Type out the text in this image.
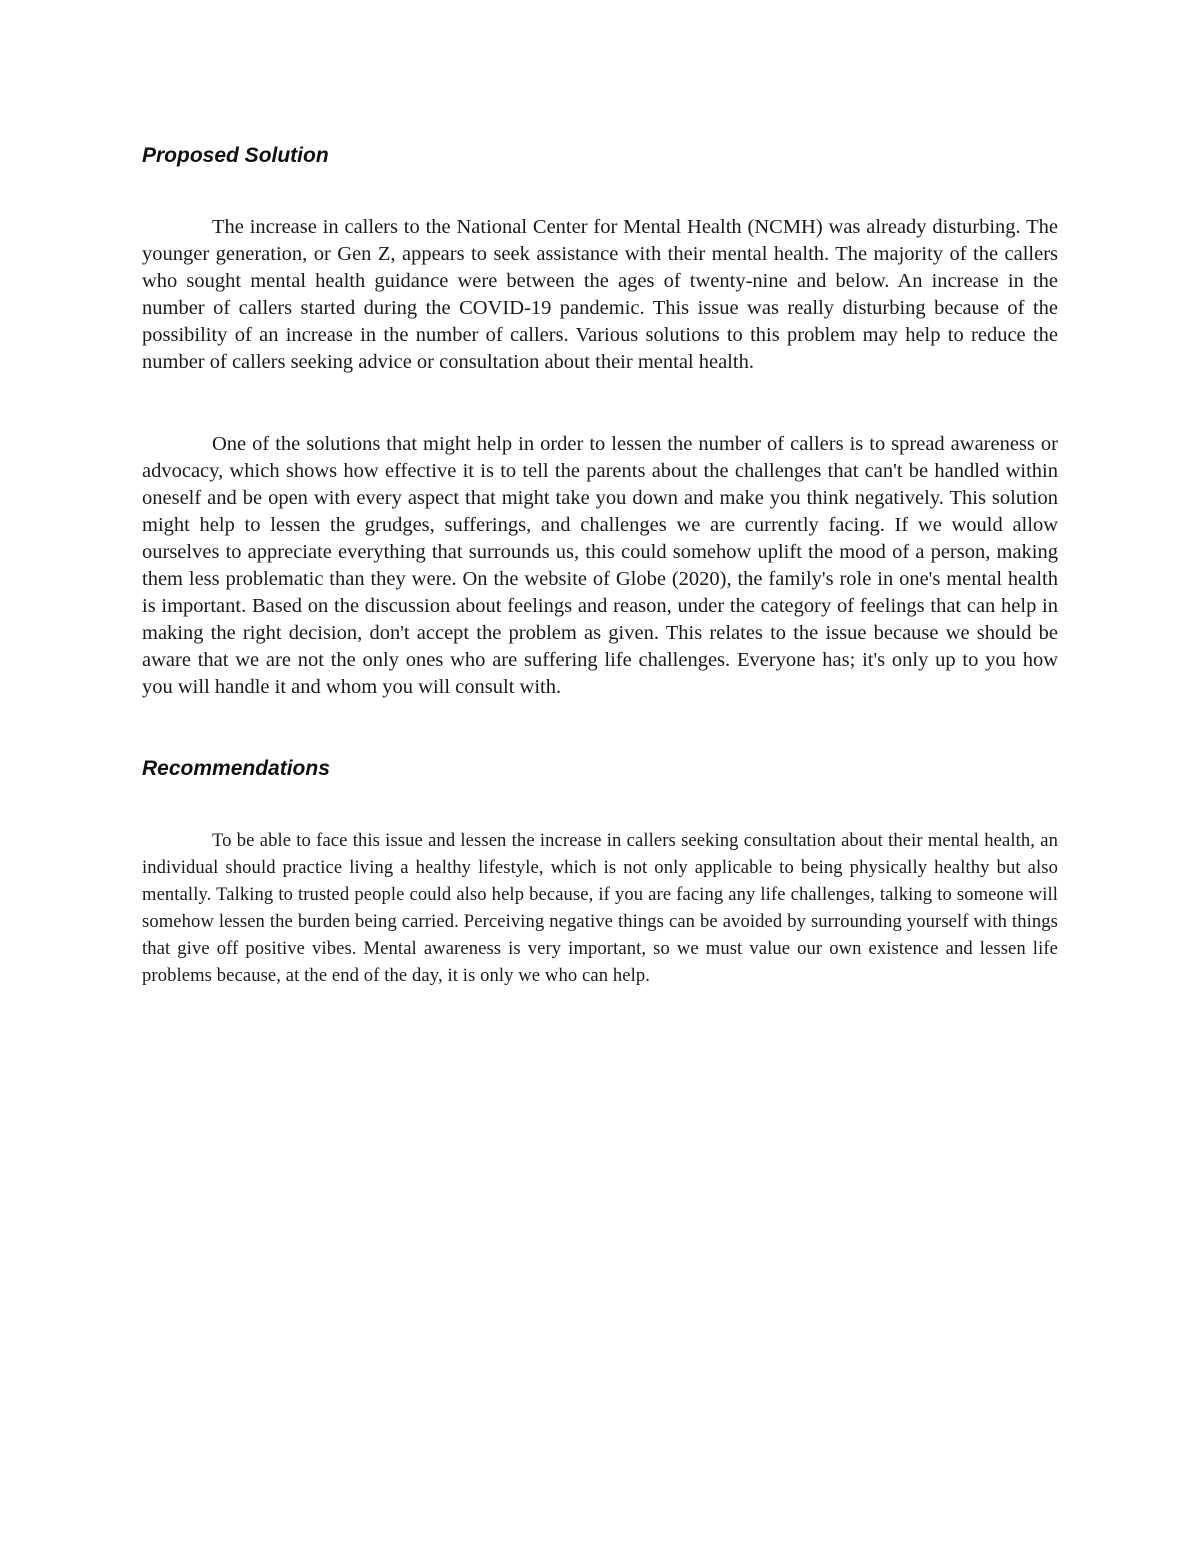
Proposed Solution

The increase in callers to the National Center for Mental Health (NCMH) was already disturbing. The younger generation, or Gen Z, appears to seek assistance with their mental health. The majority of the callers who sought mental health guidance were between the ages of twenty-nine and below. An increase in the number of callers started during the COVID-19 pandemic. This issue was really disturbing because of the possibility of an increase in the number of callers. Various solutions to this problem may help to reduce the number of callers seeking advice or consultation about their mental health.

One of the solutions that might help in order to lessen the number of callers is to spread awareness or advocacy, which shows how effective it is to tell the parents about the challenges that can't be handled within oneself and be open with every aspect that might take you down and make you think negatively. This solution might help to lessen the grudges, sufferings, and challenges we are currently facing. If we would allow ourselves to appreciate everything that surrounds us, this could somehow uplift the mood of a person, making them less problematic than they were. On the website of Globe (2020), the family's role in one's mental health is important. Based on the discussion about feelings and reason, under the category of feelings that can help in making the right decision, don't accept the problem as given. This relates to the issue because we should be aware that we are not the only ones who are suffering life challenges. Everyone has; it's only up to you how you will handle it and whom you will consult with.

Recommendations

To be able to face this issue and lessen the increase in callers seeking consultation about their mental health, an individual should practice living a healthy lifestyle, which is not only applicable to being physically healthy but also mentally. Talking to trusted people could also help because, if you are facing any life challenges, talking to someone will somehow lessen the burden being carried. Perceiving negative things can be avoided by surrounding yourself with things that give off positive vibes. Mental awareness is very important, so we must value our own existence and lessen life problems because, at the end of the day, it is only we who can help.
